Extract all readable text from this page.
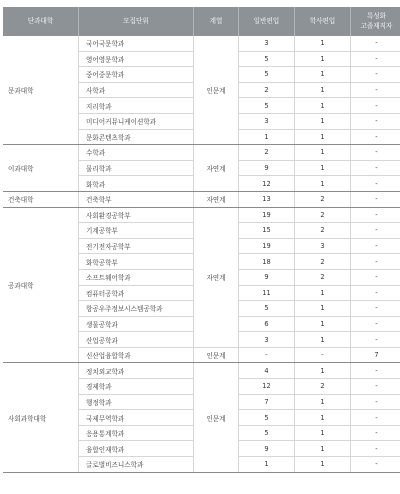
단과대학	모집단위	계열	일반편입	학사편입	특성화
고졸재직자
문과대학	국어국문학과	인문계	3	1	-
	영어영문학과		5	1	-
	중어중문학과		5	1	-
	사학과		2	1	-
	지리학과		5	1	-
	미디어커뮤니케이션학과		3	1	-
	문화콘텐츠학과		1	1	-
이과대학	수학과	자연계	2	1	-
	물리학과		9	1	-
	화학과		12	1	-
건축대학	건축학부	자연계	13	2	-
공과대학	사회환경공학부	자연계	19	2	-
	기계공학부		15	2	-
	전기전자공학부		19	3	-
	화학공학부		18	2	-
	소프트웨어학과		9	2	-
	컴퓨터공학과		11	1	-
	항공우주정보시스템공학과		5	1	-
	생물공학과		6	1	-
	산업공학과		3	1	-
	신산업융합학과	인문계	-	-	7
사회과학대학	정치외교학과	인문계	4	1	-
	경제학과		12	2	-
	행정학과		7	1	-
	국제무역학과		5	1	-
	응용통계학과		5	1	-
	융합인재학과		9	1	-
	글로벌비즈니스학과		1	1	-
